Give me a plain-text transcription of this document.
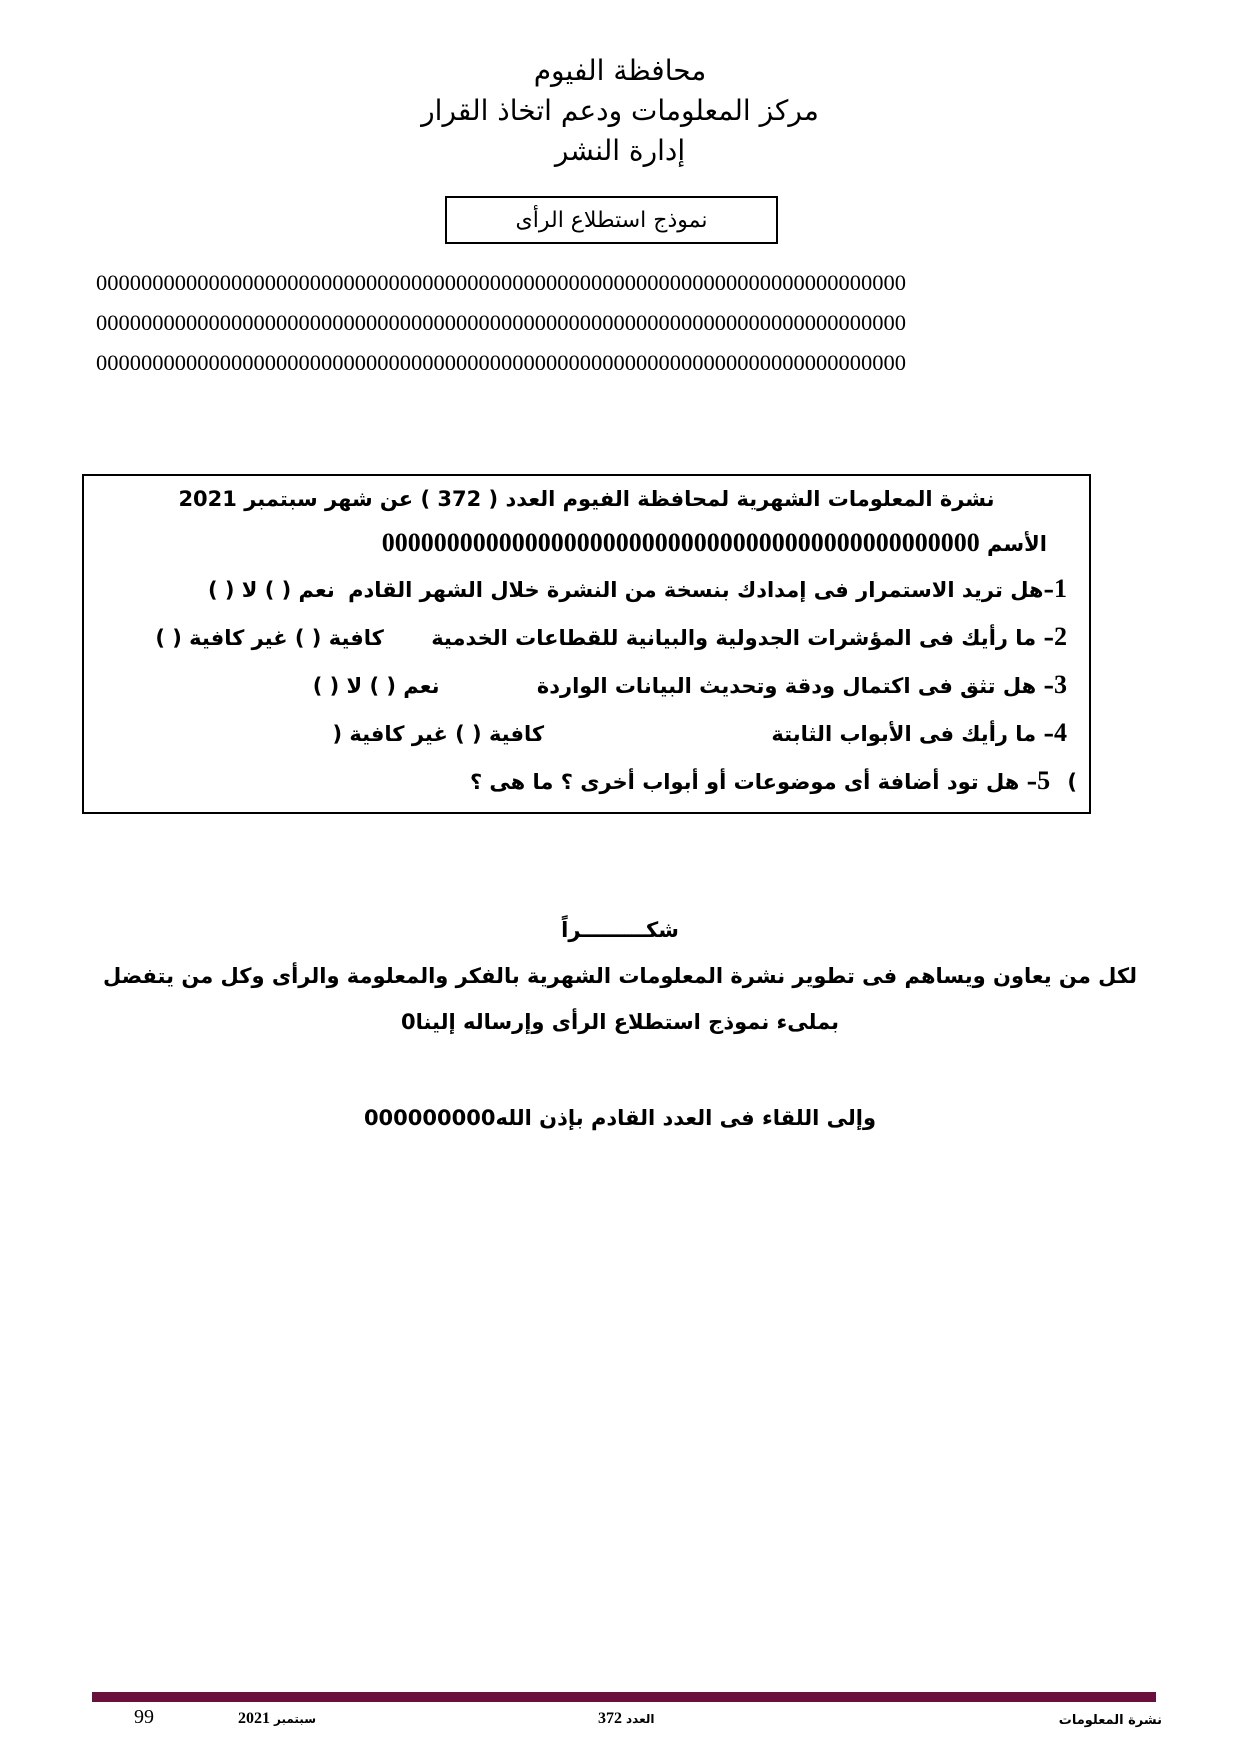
محافظة الفيوم
مركز المعلومات ودعم اتخاذ القرار
إدارة النشر
نموذج استطلاع الرأى
000000000000000000000000000000000000000000000000000000000000000000000000
000000000000000000000000000000000000000000000000000000000000000000000000
000000000000000000000000000000000000000000000000000000000000000000000000
نشرة المعلومات الشهرية لمحافظة الفيوم العدد ( 372 ) عن شهر سبتمبر 2021
الأسم 0000000000000000000000000000000000000000000000
1–هل تريد الاستمرار فى إمدادك بنسخة من النشرة خلال الشهر القادم نعم ( ) لا ( )
2– ما رأيك فى المؤشرات الجدولية والبيانية للقطاعات الخدمية كافية ( ) غير كافية ( )
3– هل تثق فى اكتمال ودقة وتحديث البيانات الواردة نعم ( ) لا ( )
4– ما رأيك فى الأبواب الثابتة كافية ( ) غير كافية (
) 5– هل تود أضافة أى موضوعات أو أبواب أخرى ؟ ما هى ؟
شكـــــــــراً
لكل من يعاون ويساهم فى تطوير نشرة المعلومات الشهرية بالفكر والمعلومة والرأى وكل من يتفضل
بملىء نموذج استطلاع الرأى وإرساله إلينا0
وإلى اللقاء فى العدد القادم بإذن الله000000000
نشرة المعلومات
العدد 372
سبتمبر 2021
99
